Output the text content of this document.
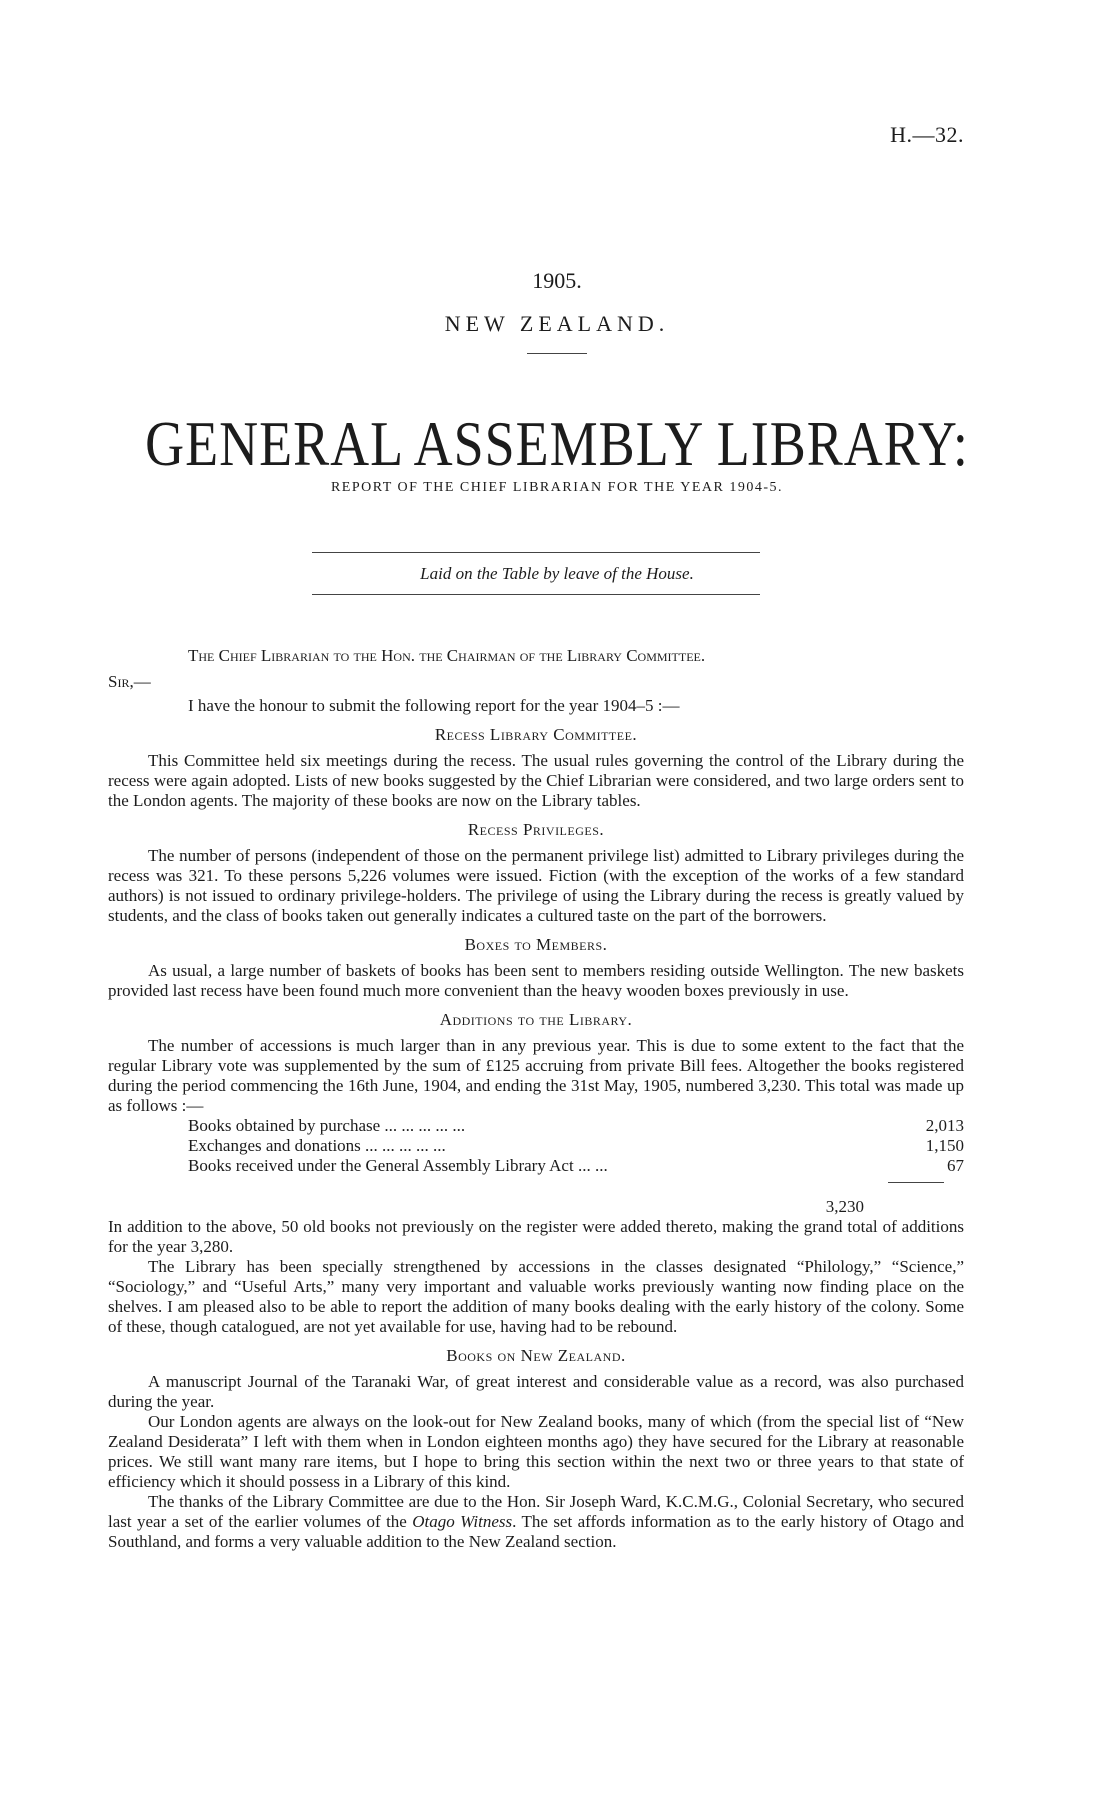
H.—32.
1905.
NEW ZEALAND.
GENERAL ASSEMBLY LIBRARY:
REPORT OF THE CHIEF LIBRARIAN FOR THE YEAR 1904-5.
Laid on the Table by leave of the House.
The Chief Librarian to the Hon. the Chairman of the Library Committee.
Sir,—

I have the honour to submit the following report for the year 1904–5 :—

Recess Library Committee.

This Committee held six meetings during the recess. The usual rules governing the control of the Library during the recess were again adopted. Lists of new books suggested by the Chief Librarian were considered, and two large orders sent to the London agents. The majority of these books are now on the Library tables.

Recess Privileges.

The number of persons (independent of those on the permanent privilege list) admitted to Library privileges during the recess was 321. To these persons 5,226 volumes were issued. Fiction (with the exception of the works of a few standard authors) is not issued to ordinary privilege-holders. The privilege of using the Library during the recess is greatly valued by students, and the class of books taken out generally indicates a cultured taste on the part of the borrowers.

Boxes to Members.

As usual, a large number of baskets of books has been sent to members residing outside Wellington. The new baskets provided last recess have been found much more convenient than the heavy wooden boxes previously in use.

Additions to the Library.

The number of accessions is much larger than in any previous year. This is due to some extent to the fact that the regular Library vote was supplemented by the sum of £125 accruing from private Bill fees. Altogether the books registered during the period commencing the 16th June, 1904, and ending the 31st May, 1905, numbered 3,230. This total was made up as follows :—

Books obtained by purchase ... ... ... ... ...	2,013
Exchanges and donations ... ... ... ... ...	1,150
Books received under the General Assembly Library Act ... ...	67
3,230

In addition to the above, 50 old books not previously on the register were added thereto, making the grand total of additions for the year 3,280.

The Library has been specially strengthened by accessions in the classes designated “Philology,” “Science,” “Sociology,” and “Useful Arts,” many very important and valuable works previously wanting now finding place on the shelves. I am pleased also to be able to report the addition of many books dealing with the early history of the colony. Some of these, though catalogued, are not yet available for use, having had to be rebound.

Books on New Zealand.

A manuscript Journal of the Taranaki War, of great interest and considerable value as a record, was also purchased during the year.

Our London agents are always on the look-out for New Zealand books, many of which (from the special list of “New Zealand Desiderata” I left with them when in London eighteen months ago) they have secured for the Library at reasonable prices. We still want many rare items, but I hope to bring this section within the next two or three years to that state of efficiency which it should possess in a Library of this kind.

The thanks of the Library Committee are due to the Hon. Sir Joseph Ward, K.C.M.G., Colonial Secretary, who secured last year a set of the earlier volumes of the Otago Witness. The set affords information as to the early history of Otago and Southland, and forms a very valuable addition to the New Zealand section.
